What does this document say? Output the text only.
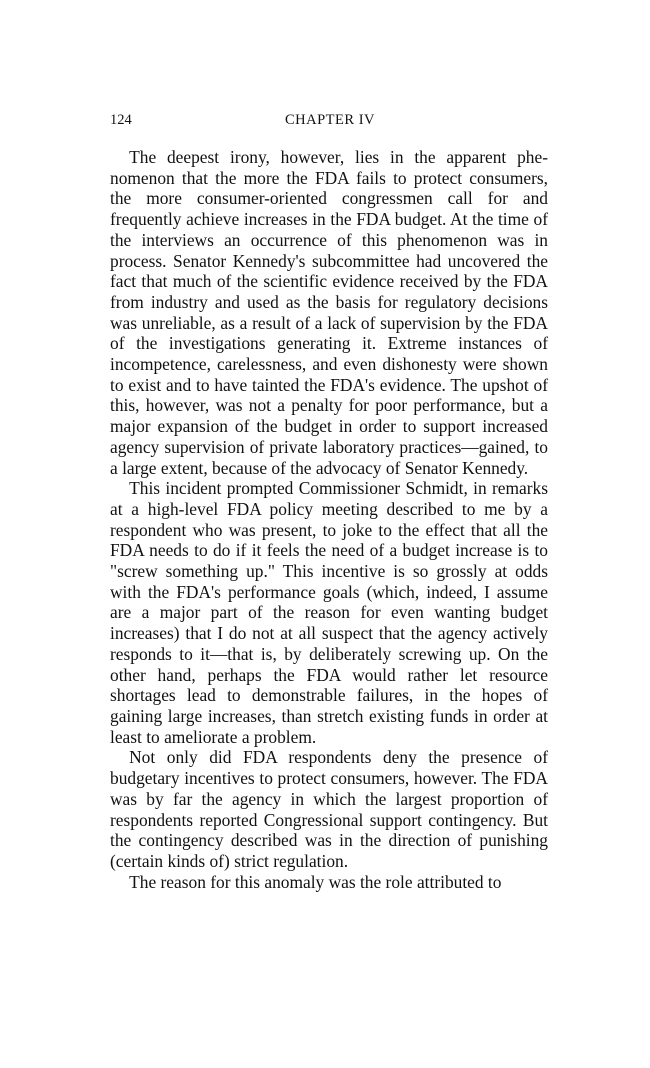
124	CHAPTER IV

The deepest irony, however, lies in the apparent phenomenon that the more the FDA fails to protect consumers, the more consumer-oriented congressmen call for and frequently achieve increases in the FDA budget. At the time of the interviews an occurrence of this phenomenon was in process. Senator Kennedy's subcommittee had uncovered the fact that much of the scientific evidence received by the FDA from industry and used as the basis for regulatory decisions was unreliable, as a result of a lack of supervision by the FDA of the investigations generating it. Extreme instances of incompetence, carelessness, and even dishonesty were shown to exist and to have tainted the FDA's evidence. The upshot of this, however, was not a penalty for poor performance, but a major expansion of the budget in order to support increased agency supervision of private laboratory practices—gained, to a large extent, because of the advocacy of Senator Kennedy.

This incident prompted Commissioner Schmidt, in remarks at a high-level FDA policy meeting described to me by a respondent who was present, to joke to the effect that all the FDA needs to do if it feels the need of a budget increase is to "screw something up." This incentive is so grossly at odds with the FDA's performance goals (which, indeed, I assume are a major part of the reason for even wanting budget increases) that I do not at all suspect that the agency actively responds to it—that is, by deliberately screwing up. On the other hand, perhaps the FDA would rather let resource shortages lead to demonstrable failures, in the hopes of gaining large increases, than stretch existing funds in order at least to ameliorate a problem.

Not only did FDA respondents deny the presence of budgetary incentives to protect consumers, however. The FDA was by far the agency in which the largest proportion of respondents reported Congressional support contingency. But the contingency described was in the direction of punishing (certain kinds of) strict regulation.

The reason for this anomaly was the role attributed to
